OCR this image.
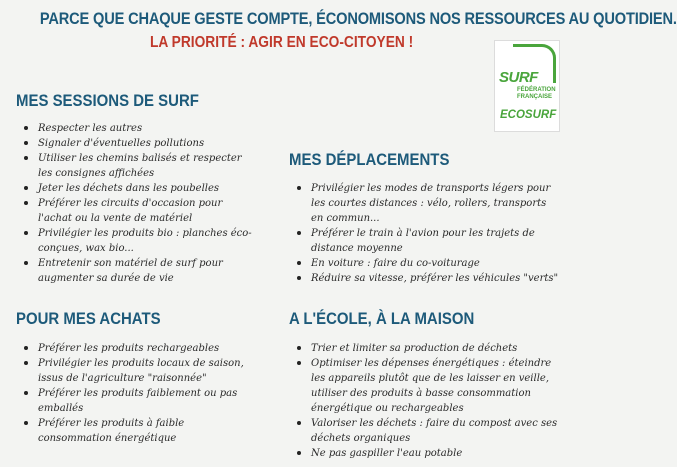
PARCE QUE CHAQUE GESTE COMPTE, ÉCONOMISONS NOS RESSOURCES AU QUOTIDIEN.
LA PRIORITÉ : AGIR EN ECO-CITOYEN !
SURF
FÉDÉRATION
FRANÇAISE
ECOSURF
MES SESSIONS DE SURF
Respecter les autres
Signaler d'éventuelles pollutions
Utiliser les chemins balisés et respecter les consignes affichées
Jeter les déchets dans les poubelles
Préférer les circuits d'occasion pour l'achat ou la vente de matériel
Privilégier les produits bio : planches éco-conçues, wax bio...
Entretenir son matériel de surf pour augmenter sa durée de vie
POUR MES ACHATS
Préférer les produits rechargeables
Privilégier les produits locaux de saison, issus de l'agriculture "raisonnée"
Préférer les produits faiblement ou pas emballés
Préférer les produits à faible consommation énergétique
MES DÉPLACEMENTS
Privilégier les modes de transports légers pour les courtes distances : vélo, rollers, transports en commun...
Préférer le train à l'avion pour les trajets de distance moyenne
En voiture : faire du co-voiturage
Réduire sa vitesse, préférer les véhicules "verts"
A L'ÉCOLE, À LA MAISON
Trier et limiter sa production de déchets
Optimiser les dépenses énergétiques : éteindre les appareils plutôt que de les laisser en veille, utiliser des produits à basse consommation énergétique ou rechargeables
Valoriser les déchets : faire du compost avec ses déchets organiques
Ne pas gaspiller l'eau potable
